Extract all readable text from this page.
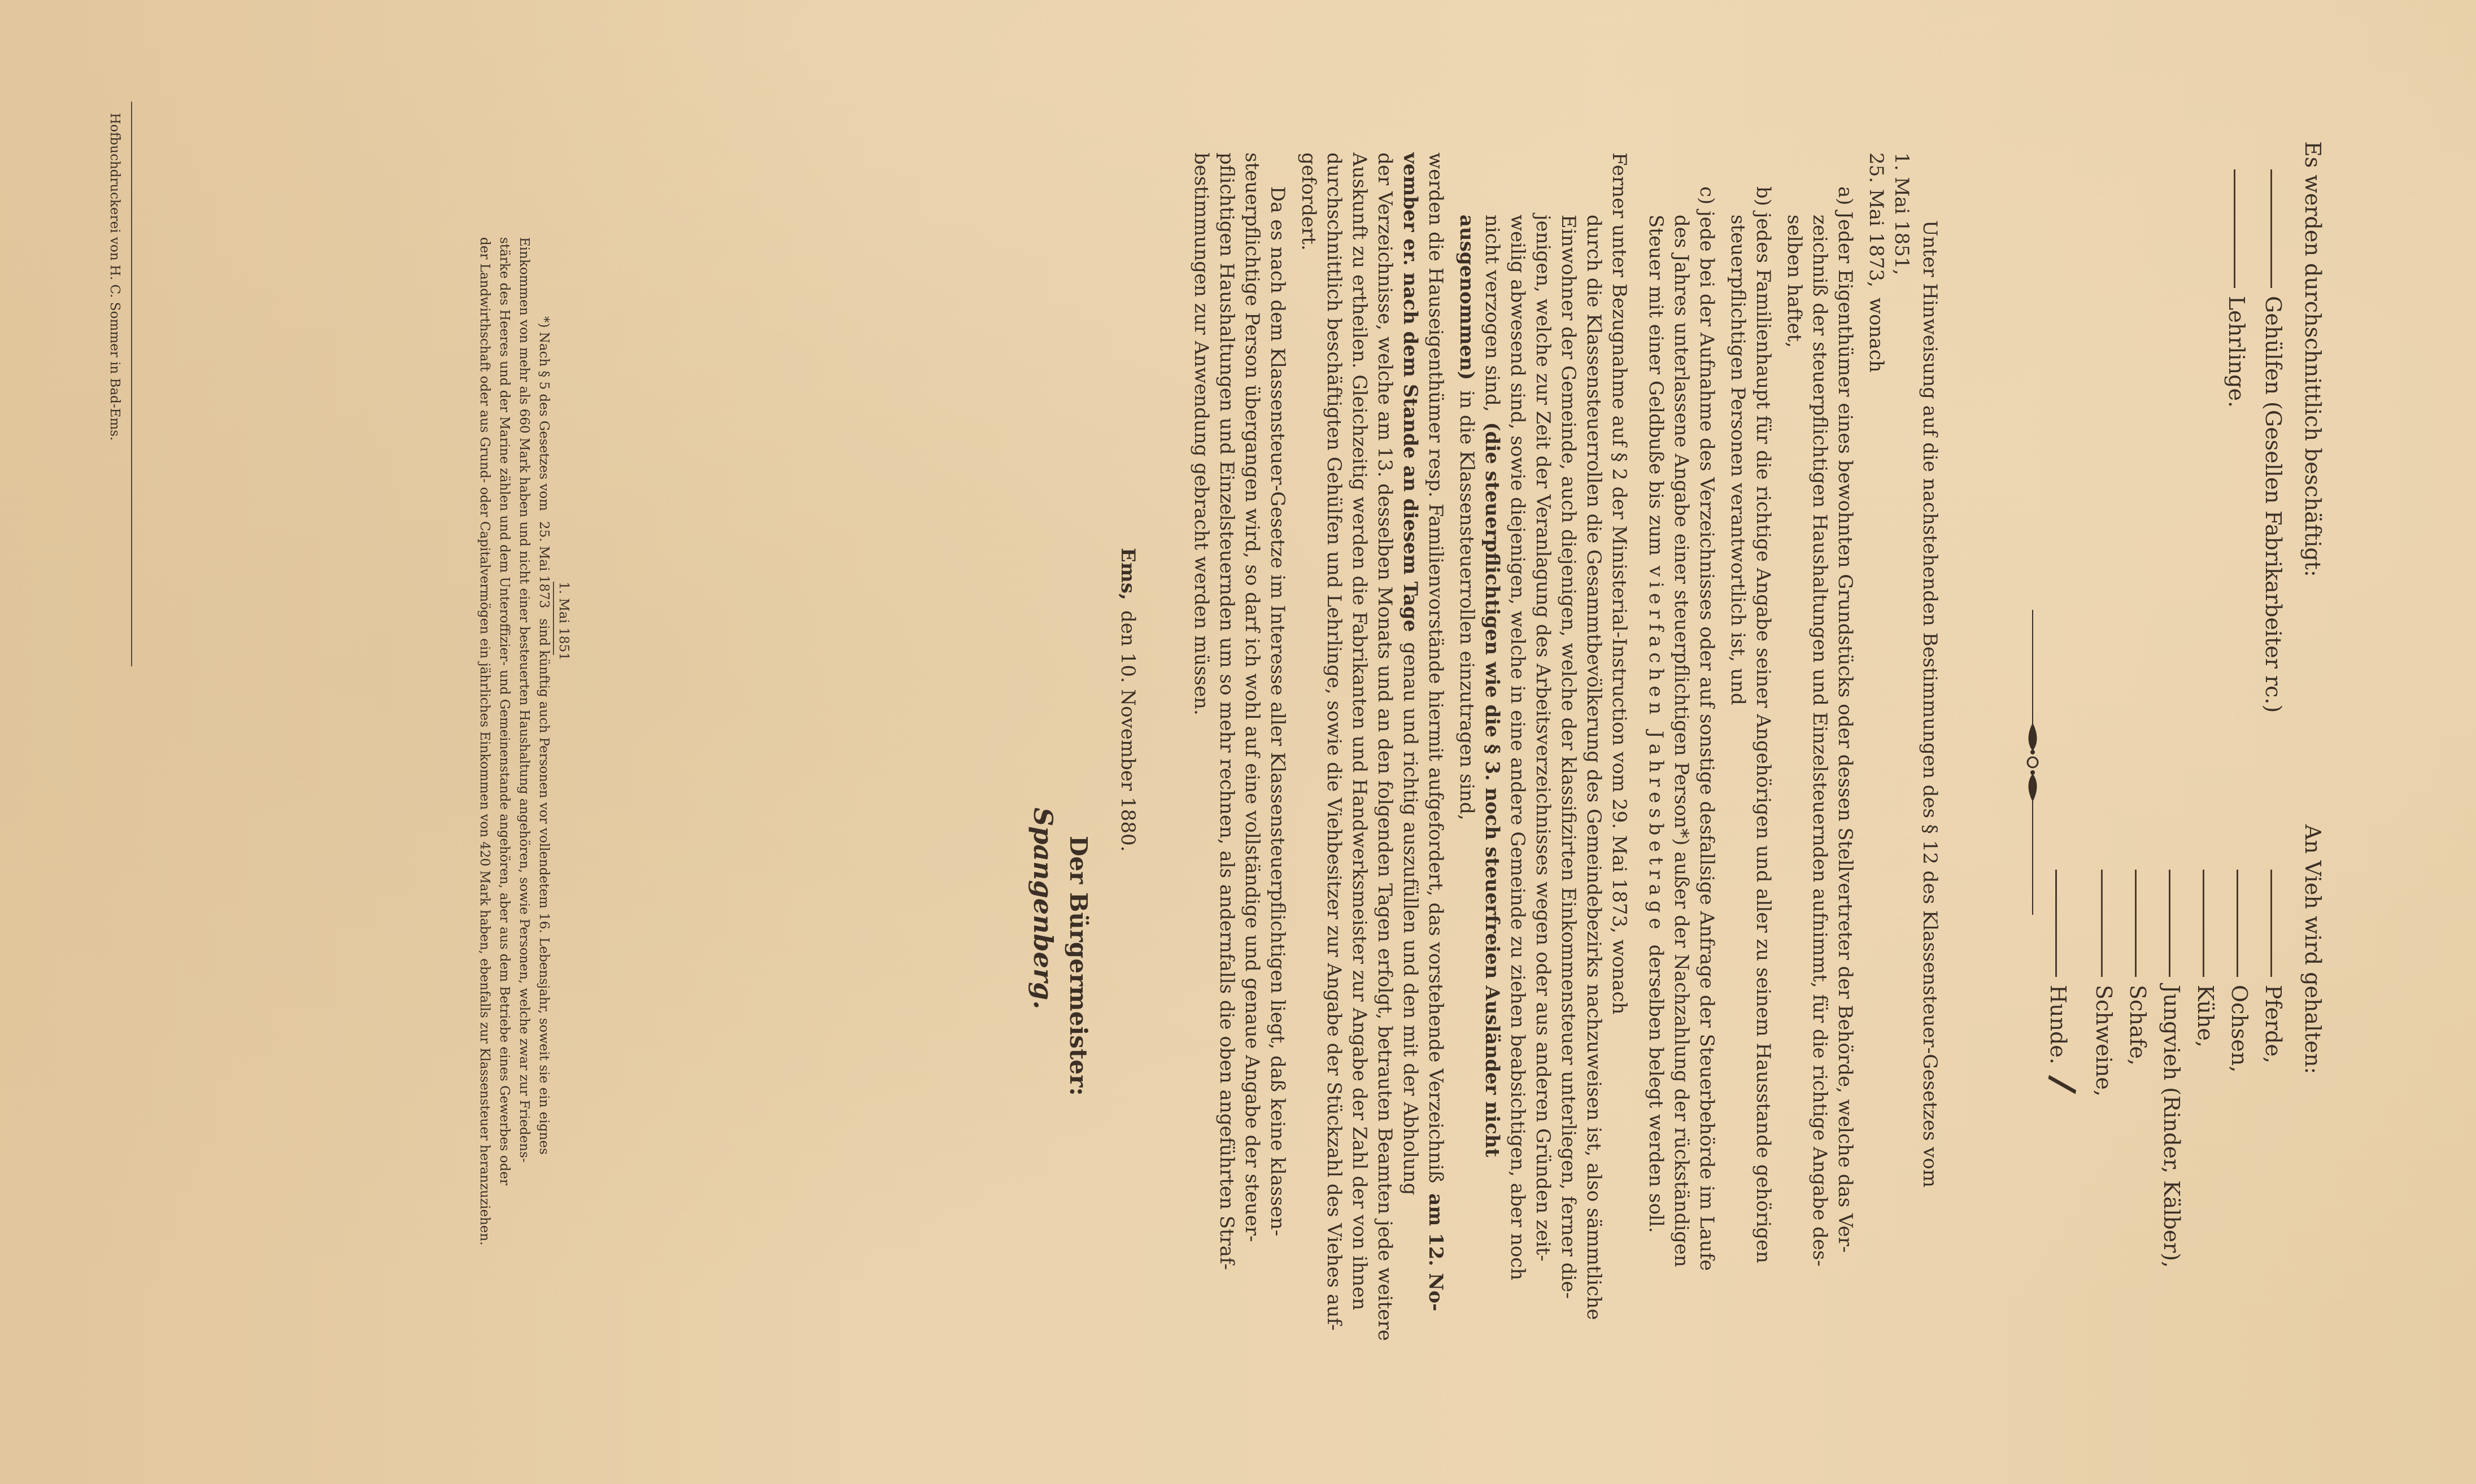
Es werden durchschnittlich beschäftigt:
Gehülfen (Gesellen Fabrikarbeiter rc.)
Lehrlinge.
An Vieh wird gehalten:
Pferde,
Ochsen,
Kühe,
Jungvieh (Rinder, Kälber),
Schafe,
Schweine,
Hunde./
Unter Hinweisung auf die nachstehenden Bestimmungen des § 12 des Klassensteuer-Gesetzes vom
1. Mai 1851,
25. Mai 1873,wonach
a) Jeder Eigenthümer eines bewohnten Grundstücks oder dessen Stellvertreter der Behörde, welche das Ver-
zeichniß der steuerpflichtigen Haushaltungen und Einzelsteuernden aufnimmt, für die richtige Angabe des-
selben haftet,
b) jedes Familienhaupt für die richtige Angabe seiner Angehörigen und aller zu seinem Hausstande gehörigen
steuerpflichtigen Personen verantwortlich ist, und
c) jede bei der Aufnahme des Verzeichnisses oder auf sonstige desfallsige Anfrage der Steuerbehörde im Laufe
des Jahres unterlassene Angabe einer steuerpflichtigen Person*) außer der Nachzahlung der rückständigen
Steuer mit einer Geldbuße bis zumvierfachen Jahresbetragederselben belegt werden soll.
Ferner unter Bezugnahme auf § 2 der Ministerial-Instruction vom 29. Mai 1873, wonach
durch die Klassensteuerrollen die Gesammtbevölkerung des Gemeindebezirks nachzuweisen ist, also sämmtliche
Einwohner der Gemeinde, auch diejenigen, welche der klassifizirten Einkommensteuer unterliegen, ferner die-
jenigen, welche zur Zeit der Veranlagung des Arbeitsverzeichnisses wegen oder aus anderen Gründen zeit-
weilig abwesend sind, sowie diejenigen, welche in eine andere Gemeinde zu ziehen beabsichtigen, aber noch
nicht verzogen sind,(die steuerpflichtigen wie die § 3. noch steuerfreien Ausländer nicht
ausgenommen)in die Klassensteuerrollen einzutragen sind,
werden die Hauseigenthümer resp. Familienvorstände hiermit aufgefordert, das vorstehende Verzeichnißam 12. No-
vember er. nach dem Stande an diesem Tagegenau und richtig auszufüllen und den mit der Abholung
der Verzeichnisse, welche am 13. desselben Monats und an den folgenden Tagen erfolgt, betrauten Beamten jede weitere
Auskunft zu ertheilen. Gleichzeitig werden die Fabrikanten und Handwerksmeister zur Angabe der Zahl der von ihnen
durchschnittlich beschäftigten Gehülfen und Lehrlinge, sowie die Viehbesitzer zur Angabe der Stückzahl des Viehes auf-
gefordert.
Da es nach dem Klassensteuer-Gesetze im Interesse aller Klassensteuerpflichtigen liegt, daß keine klassen-
steuerpflichtige Person übergangen wird, so darf ich wohl auf eine vollständige und genaue Angabe der steuer-
pflichtigen Haushaltungen und Einzelsteuernden um so mehr rechnen, als andernfalls die oben angeführten Straf-
bestimmungen zur Anwendung gebracht werden müssen.
Ems,den 10. November 1880.
Der Bürgermeister:
Spangenberg.
1. Mai 1851
*) Nach § 5 des Gesetzes vom25. Mai 1873sind künftig auch Personen vor vollendetem 16. Lebensjahr, soweit sie ein eignes
Einkommen von mehr als 660 Mark haben und nicht einer besteuerten Haushaltung angehören, sowie Personen, welche zwar zur Friedens-
stärke des Heeres und der Marine zählen und dem Unteroffizier- und Gemeinenstande angehören, aber aus dem Betriebe eines Gewerbes oder
der Landwirthschaft oder aus Grund- oder Capitalvermögen ein jährliches Einkommen von 420 Mark haben, ebenfalls zur Klassensteuer heranzuziehen.
Hofbuchdruckerei von H. C. Sommer in Bad-Ems.
